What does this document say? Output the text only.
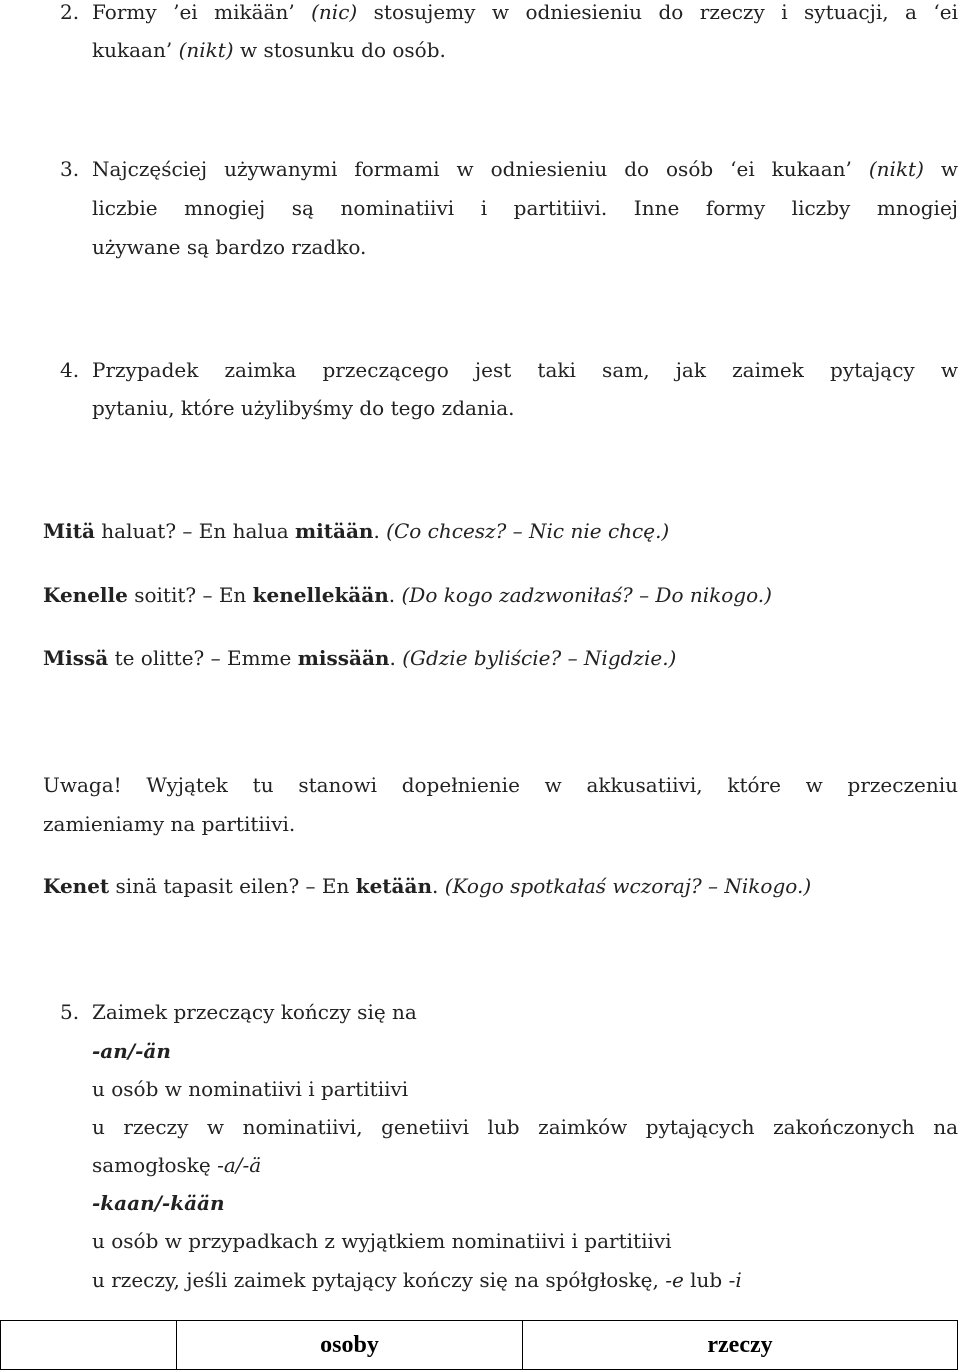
2. Formy ’ei mikään’ (nic) stosujemy w odniesieniu do rzeczy i sytuacji, a ‘ei
kukaan’ (nikt) w stosunku do osób.
3. Najczęściej używanymi formami w odniesieniu do osób ‘ei kukaan’ (nikt) w
liczbie mnogiej są nominatiivi i partitiivi. Inne formy liczby mnogiej
używane są bardzo rzadko.
4. Przypadek zaimka przeczącego jest taki sam, jak zaimek pytający w
pytaniu, które użylibyśmy do tego zdania.
Mitä haluat? – En halua mitään. (Co chcesz? – Nic nie chcę.)
Kenelle soitit? – En kenellekään. (Do kogo zadzwoniłaś? – Do nikogo.)
Missä te olitte? – Emme missään. (Gdzie byliście? – Nigdzie.)
Uwaga! Wyjątek tu stanowi dopełnienie w akkusatiivi, które w przeczeniu
zamieniamy na partitiivi.
Kenet sinä tapasit eilen? – En ketään. (Kogo spotkałaś wczoraj? – Nikogo.)
5. Zaimek przeczący kończy się na
-an/-än
u osób w nominatiivi i partitiivi
u rzeczy w nominatiivi, genetiivi lub zaimków pytających zakończonych na
samogłoskę -a/-ä
-kaan/-kään
u osób w przypadkach z wyjątkiem nominatiivi i partitiivi
u rzeczy, jeśli zaimek pytający kończy się na spółgłoskę, -e lub -i
	osoby	rzeczy
